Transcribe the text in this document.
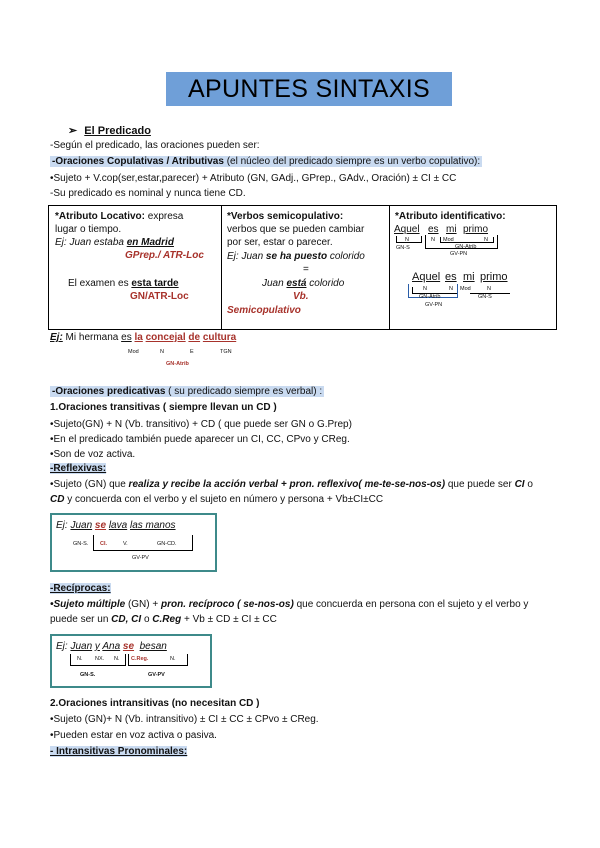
APUNTES SINTAXIS
➢ El Predicado
-Según el predicado, las oraciones pueden ser:
-Oraciones Copulativas / Atributivas (el núcleo del predicado siempre es un verbo copulativo):
•Sujeto + V.cop(ser,estar,parecer) + Atributo (GN, GAdj., GPrep., GAdv., Oración) ± CI ± CC
-Su predicado es nominal y nunca tiene CD.
*Atributo Locativo: expresa
lugar o tiempo.
Ej: Juan estaba en Madrid
GPrep./ ATR-Loc
El examen es esta tarde
GN/ATR-Loc
*Verbos semicopulativo:
verbos que se pueden cambiar
por ser, estar o parecer.
Ej: Juan se ha puesto colorido
=
Juan está colorido
Vb.
Semicopulativo
*Atributo identificativo:
Aquel es mi primo
N	N Mod	N
GN-S	GN-Atrib
GV-PN
Aquel es mi primo
N	N Mod	N
GN-Atrib	GN-S
GV-PN
Ej: Mi hermana es la concejal de cultura
Mod	N	E	TGN
GN-Atrib
-Oraciones predicativas ( su predicado siempre es verbal) :
1.Oraciones transitivas ( siempre llevan un CD )
•Sujeto(GN) + N (Vb. transitivo) + CD ( que puede ser GN o G.Prep)
•En el predicado también puede aparecer un CI, CC, CPvo y CReg.
•Son de voz activa.
-Reflexivas:
•Sujeto (GN) que realiza y recibe la acción verbal + pron. reflexivo( me-te-se-nos-os) que puede ser CI o
CD y concuerda con el verbo y el sujeto en número y persona + Vb±CI±CC
Ej: Juan se lava las manos
GN-S. CI.	V.	GN-CD.
GV-PV
-Recíprocas:
•Sujeto múltiple (GN) + pron. recíproco ( se-nos-os) que concuerda en persona con el sujeto y el verbo y
puede ser un CD, CI o C.Reg + Vb ± CD ± CI ± CC
Ej: Juan y Ana se besan
N. NX. N. C.Reg.	N.
GN-S.	GV-PV
2.Oraciones intransitivas (no necesitan CD )
•Sujeto (GN)+ N (Vb. intransitivo) ± CI ± CC ± CPvo ± CReg.
•Pueden estar en voz activa o pasiva.
- Intransitivas Pronominales:
